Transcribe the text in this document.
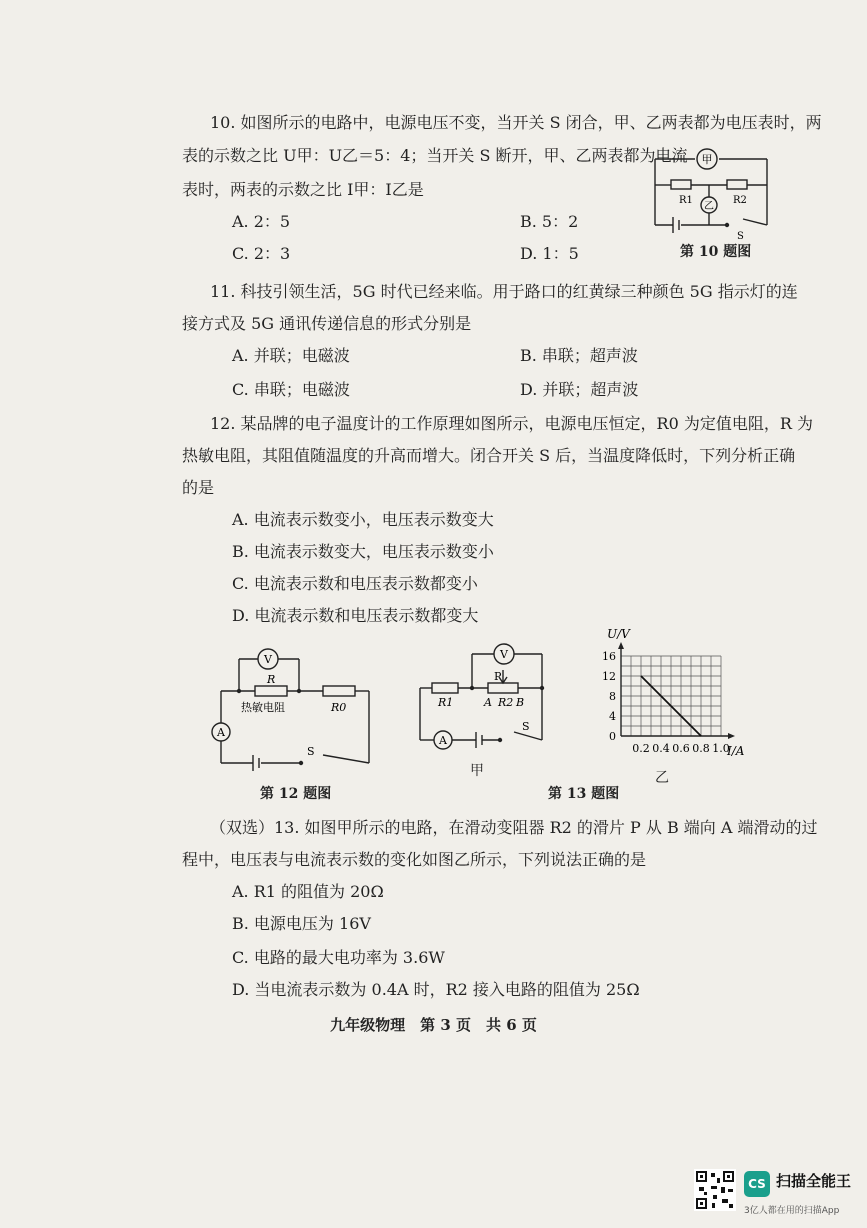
10. 如图所示的电路中，电源电压不变，当开关 S 闭合，甲、乙两表都为电压表时，两
表的示数之比 U甲：U乙＝5：4；当开关 S 断开，甲、乙两表都为电流
表时，两表的示数之比 I甲：I乙是
A. 2：5	B. 5：2
C. 2：3	D. 1：5
甲
乙
R1	R2
S
第 10 题图
11. 科技引领生活，5G 时代已经来临。用于路口的红黄绿三种颜色 5G 指示灯的连
接方式及 5G 通讯传递信息的形式分别是
A. 并联；电磁波	B. 串联；超声波
C. 串联；电磁波	D. 并联；超声波
12. 某品牌的电子温度计的工作原理如图所示，电源电压恒定，R0 为定值电阻，R 为
热敏电阻，其阻值随温度的升高而增大。闭合开关 S 后，当温度降低时，下列分析正确
的是
A. 电流表示数变小，电压表示数变大
B. 电流表示数变大，电压表示数变小
C. 电流表示数和电压表示数都变小
D. 电流表示数和电压表示数都变大
V
A
R
热敏电阻	R0
S
第 12 题图
V
A
P
R1	A R2 B
S
甲
0.2 0.4 0.6 0.8 1.0
0
4
8
12
16
U/V
I/A
乙
第 13 题图
（双选）13. 如图甲所示的电路，在滑动变阻器 R2 的滑片 P 从 B 端向 A 端滑动的过
程中，电压表与电流表示数的变化如图乙所示，下列说法正确的是
A. R1 的阻值为 20Ω
B. 电源电压为 16V
C. 电路的最大电功率为 3.6W
D. 当电流表示数为 0.4A 时，R2 接入电路的阻值为 25Ω
九年级物理　第 3 页　共 6 页
CS 扫描全能王
3亿人都在用的扫描App
